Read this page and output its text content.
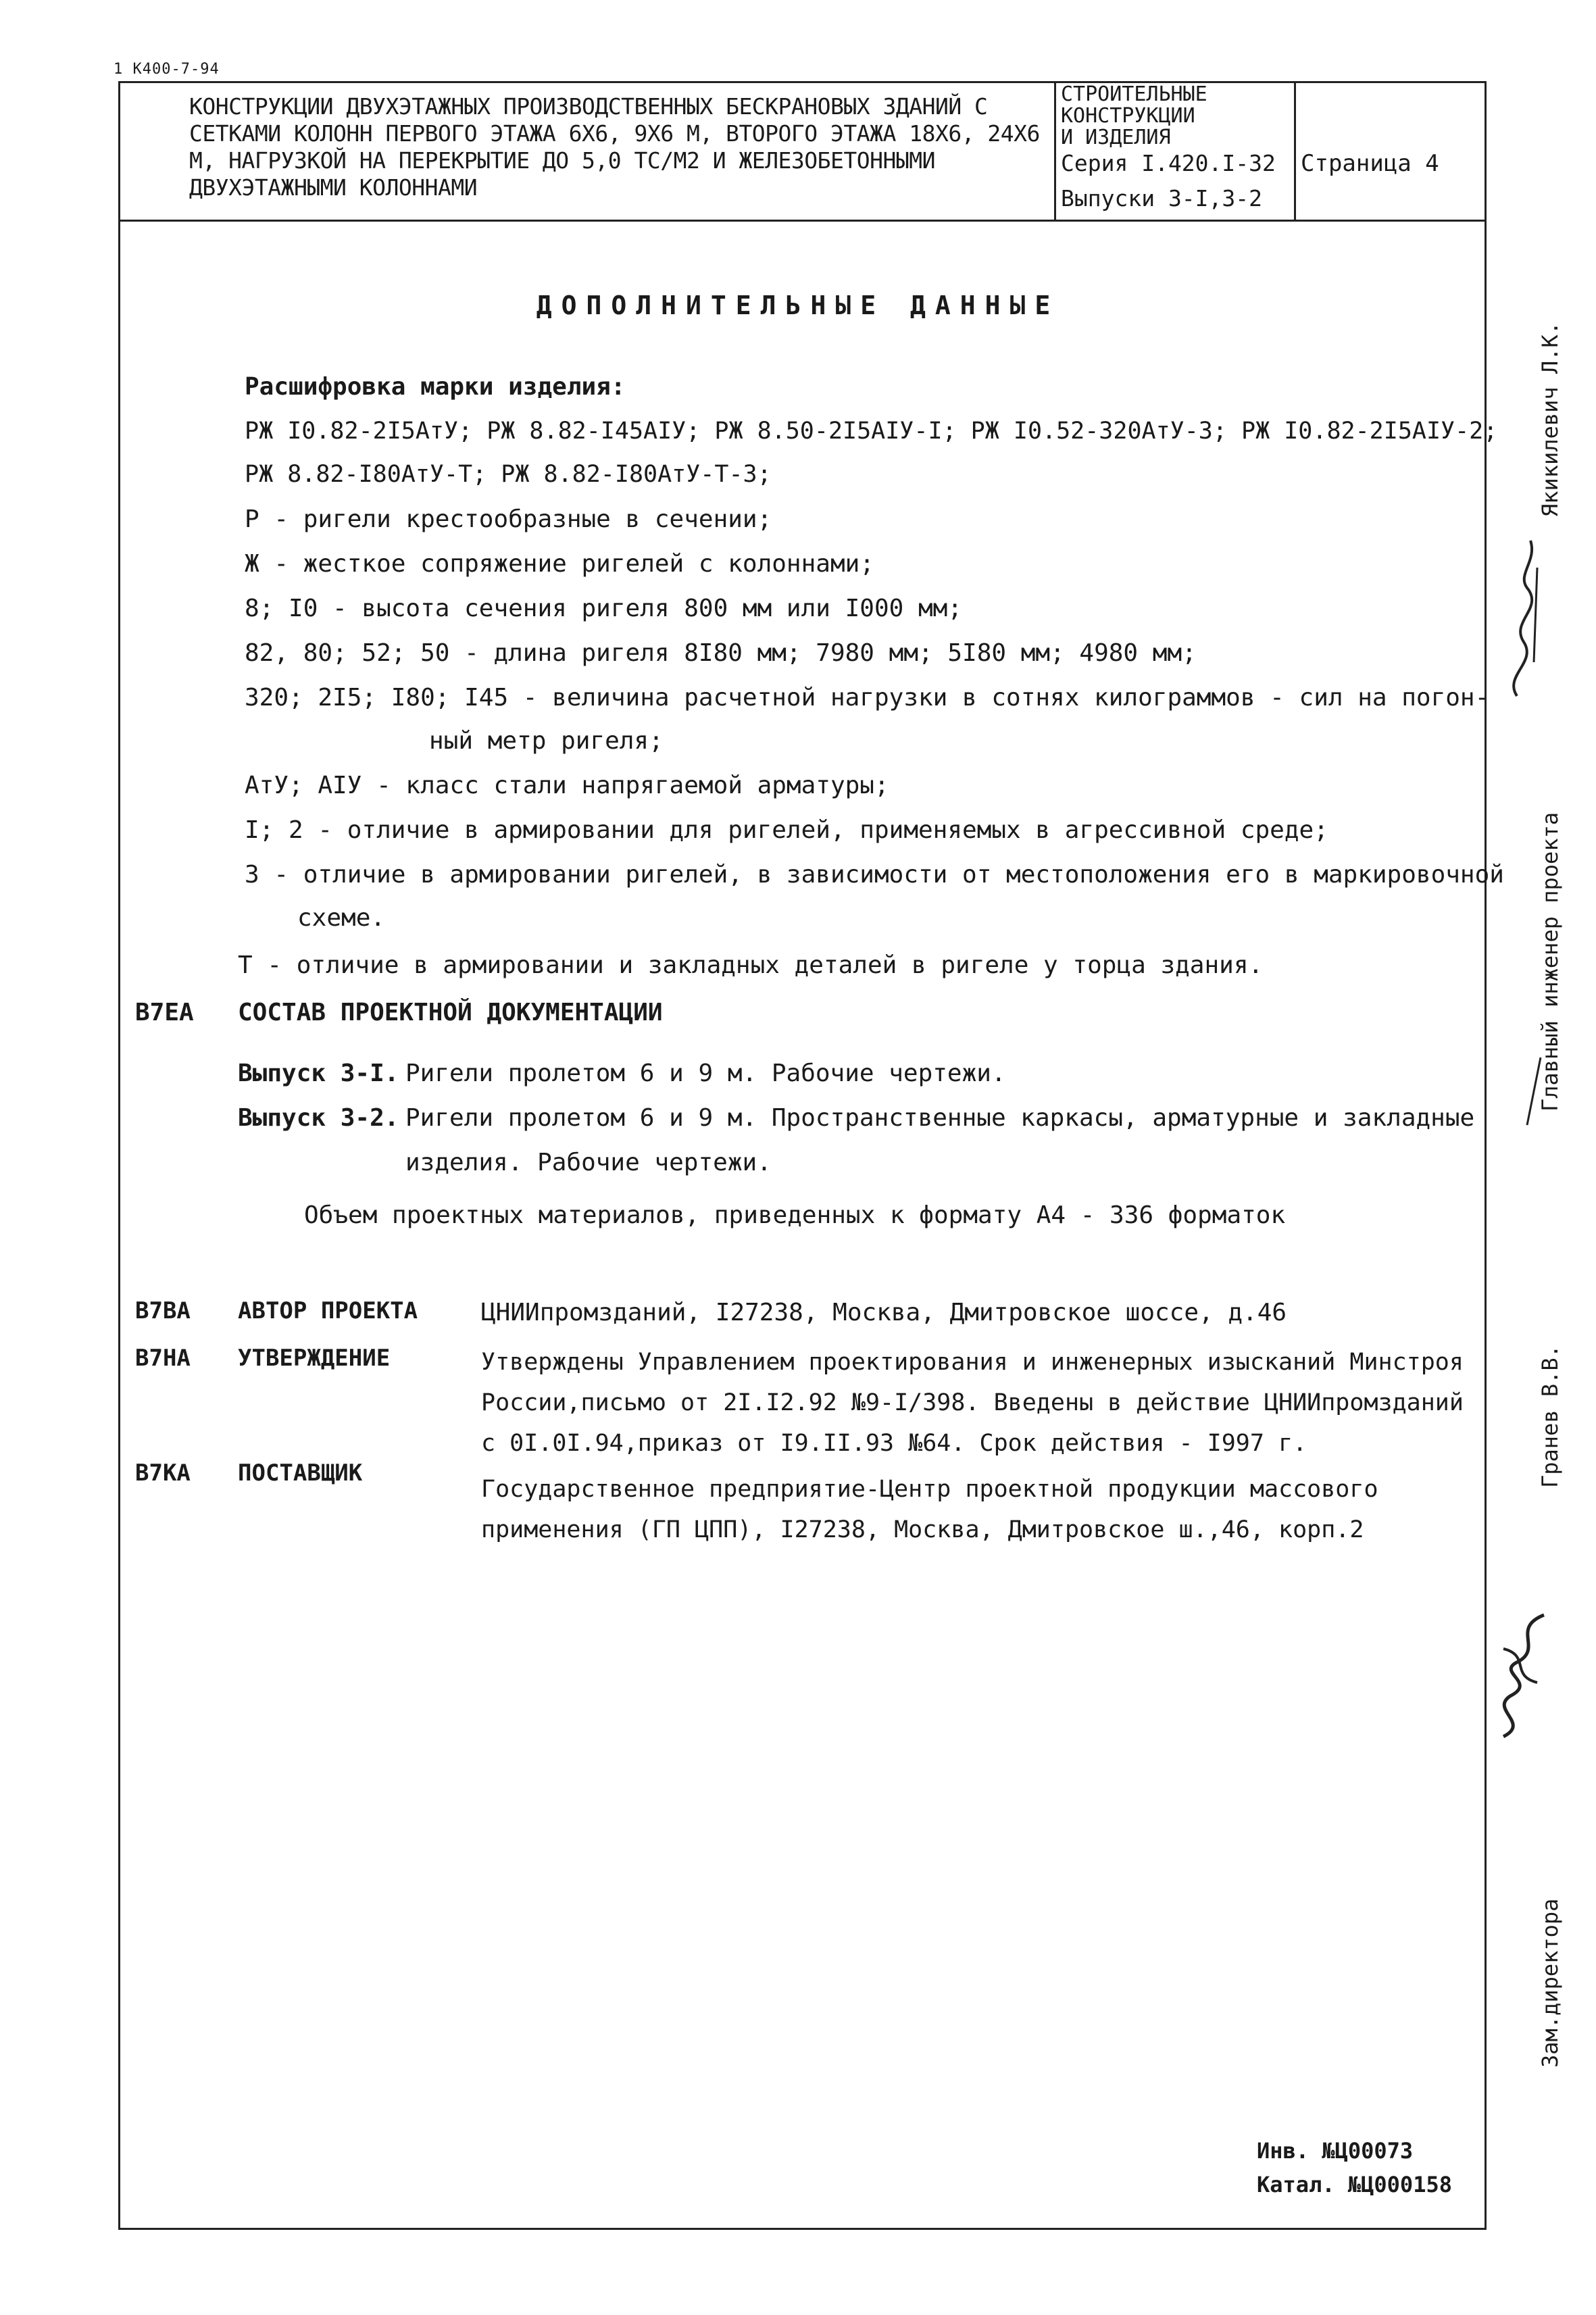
1 К400-7-94
КОНСТРУКЦИИ ДВУХЭТАЖНЫХ ПРОИЗВОДСТВЕННЫХ БЕСКРАНОВЫХ ЗДАНИЙ С СЕТКАМИ КОЛОНН ПЕРВОГО ЭТАЖА 6Х6, 9Х6 М, ВТОРОГО ЭТАЖА 18Х6, 24Х6 М, НАГРУЗКОЙ НА ПЕРЕКРЫТИЕ ДО 5,0 ТС/М2 И ЖЕЛЕЗОБЕТОННЫМИ ДВУХЭТАЖНЫМИ КОЛОННАМИ
СТРОИТЕЛЬНЫЕ
КОНСТРУКЦИИ
И ИЗДЕЛИЯ
Серия I.420.I-32
Выпуски 3-I,3-2
Страница 4
ДОПОЛНИТЕЛЬНЫЕ ДАННЫЕ
Расшифровка марки изделия:
РЖ I0.82-2I5АтУ; РЖ 8.82-I45АIУ; РЖ 8.50-2I5АIУ-I; РЖ I0.52-320АтУ-3; РЖ I0.82-2I5АIУ-2;
РЖ 8.82-I80АтУ-Т; РЖ 8.82-I80АтУ-Т-3;
Р - ригели крестообразные в сечении;
Ж - жесткое сопряжение ригелей с колоннами;
8; I0 - высота сечения ригеля 800 мм или I000 мм;
82, 80; 52; 50 - длина ригеля 8I80 мм; 7980 мм; 5I80 мм; 4980 мм;
320; 2I5; I80; I45 - величина расчетной нагрузки в сотнях килограммов - сил на погон-
ный метр ригеля;
АтУ; АIУ - класс стали напрягаемой арматуры;
I; 2 - отличие в армировании для ригелей, применяемых в агрессивной среде;
3 - отличие в армировании ригелей, в зависимости от местоположения его в маркировочной
схеме.
Т - отличие в армировании и закладных деталей в ригеле у торца здания.
B7EA СОСТАВ ПРОЕКТНОЙ ДОКУМЕНТАЦИИ
Выпуск 3-I. Ригели пролетом 6 и 9 м. Рабочие чертежи.
Выпуск 3-2. Ригели пролетом 6 и 9 м. Пространственные каркасы, арматурные и закладные
изделия. Рабочие чертежи.
Объем проектных материалов, приведенных к формату А4 - 336 форматок
B7BA АВТОР ПРОЕКТА	ЦНИИпромзданий, I27238, Москва, Дмитровское шоссе, д.46
B7HA УТВЕРЖДЕНИЕ	Утверждены Управлением проектирования и инженерных изысканий Минстроя
России,письмо от 2I.I2.92 №9-I/398. Введены в действие ЦНИИпромзданий
с 0I.0I.94,приказ от I9.II.93 №64. Срок действия - I997 г.
B7KA ПОСТАВЩИК
Государственное предприятие-Центр проектной продукции массового
применения (ГП ЦПП), I27238, Москва, Дмитровское ш.,46, корп.2
Инв. №Ц00073
Катал. №Ц000158
Главный инженер проекта
Якикилевич Л.К.
Гранев В.В.
Зам.директора
